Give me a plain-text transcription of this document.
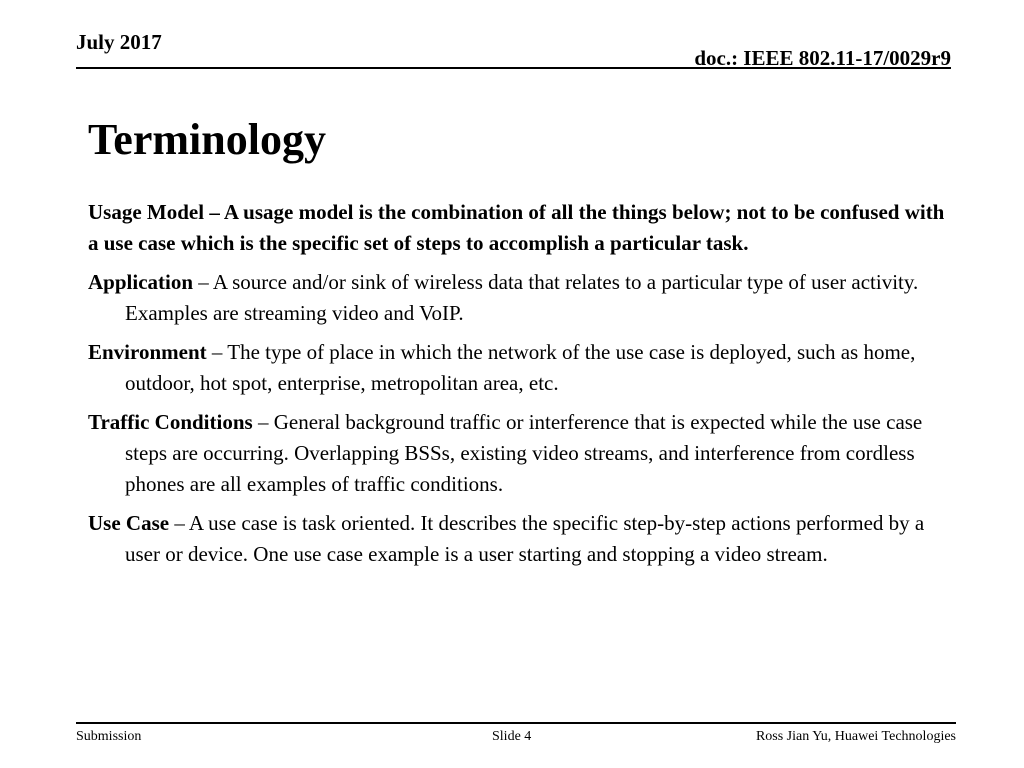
July 2017
doc.: IEEE 802.11-17/0029r9
Terminology

Usage Model – A usage model is the combination of all the things below; not to be confused with a use case which is the specific set of steps to accomplish a particular task.

Application – A source and/or sink of wireless data that relates to a particular type of user activity. Examples are streaming video and VoIP.

Environment – The type of place in which the network of the use case is deployed, such as home, outdoor, hot spot, enterprise, metropolitan area, etc.

Traffic Conditions – General background traffic or interference that is expected while the use case steps are occurring. Overlapping BSSs, existing video streams, and interference from cordless phones are all examples of traffic conditions.

Use Case – A use case is task oriented. It describes the specific step-by-step actions performed by a user or device. One use case example is a user starting and stopping a video stream.

Submission	Slide 4	Ross Jian Yu, Huawei Technologies
